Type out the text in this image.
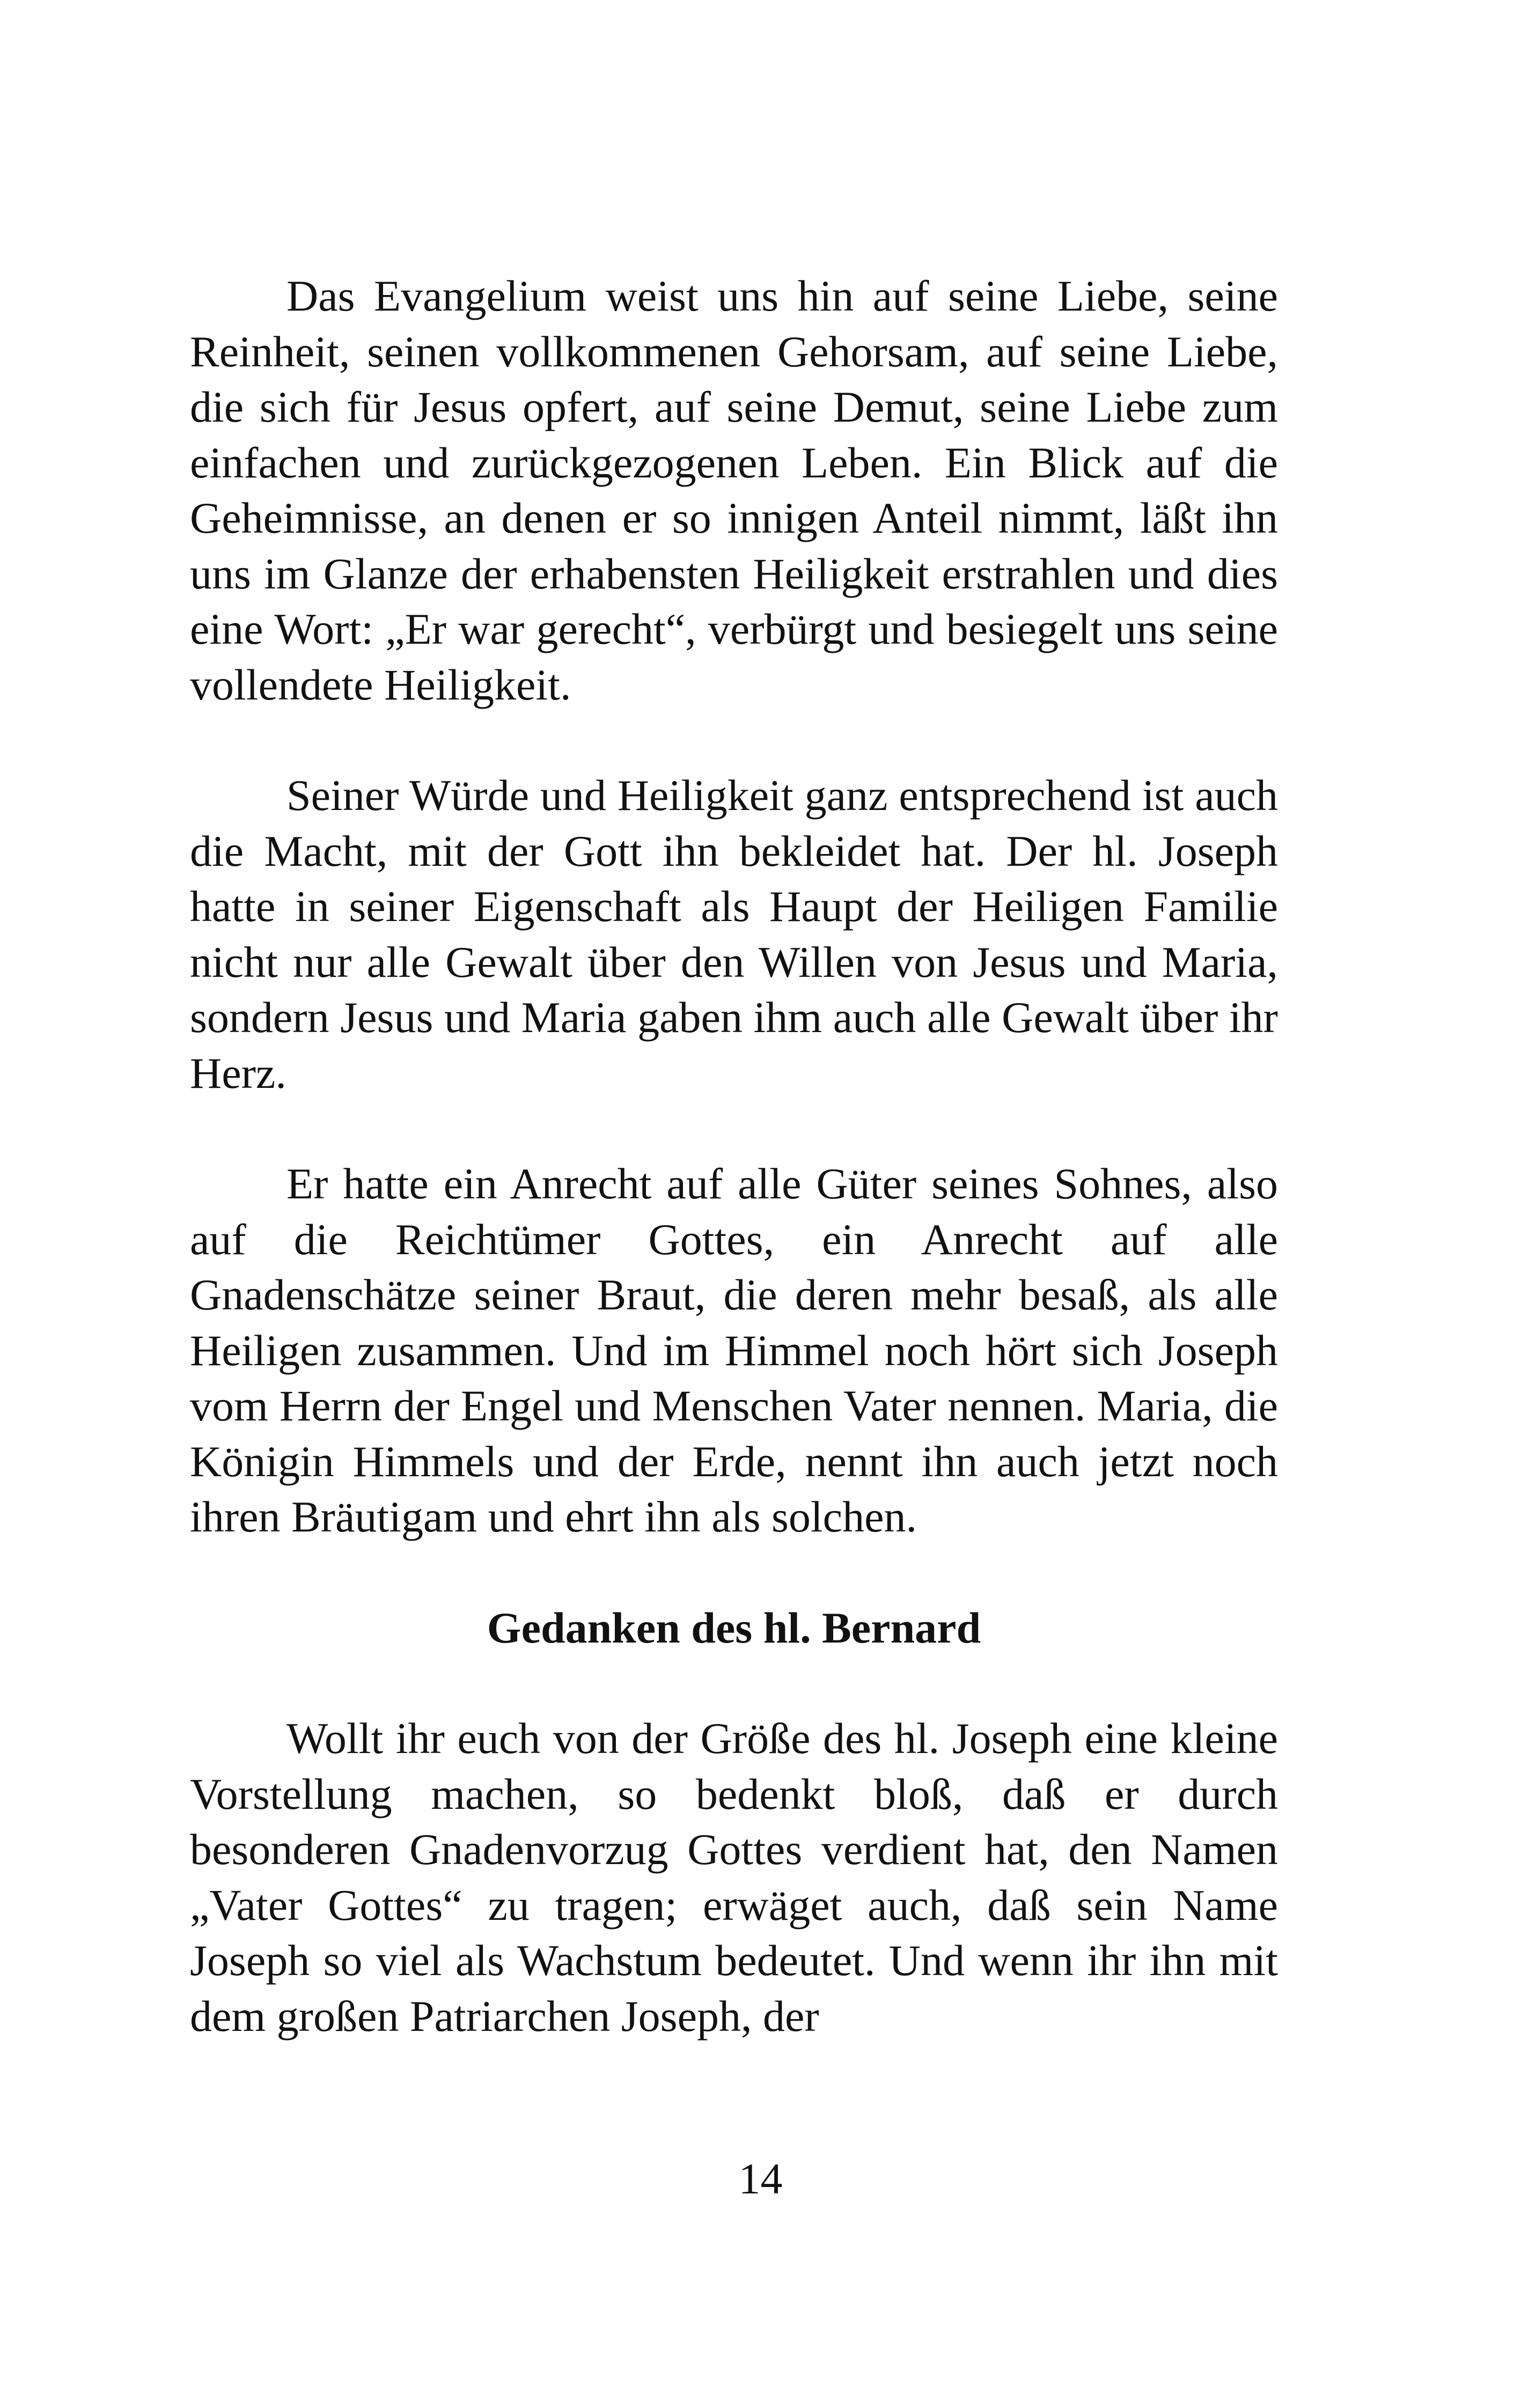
Das Evangelium weist uns hin auf seine Liebe, seine Reinheit, seinen vollkommenen Gehorsam, auf seine Liebe, die sich für Jesus opfert, auf seine Demut, seine Liebe zum einfachen und zurückgezogenen Leben. Ein Blick auf die Geheimnisse, an denen er so innigen Anteil nimmt, läßt ihn uns im Glanze der erhabensten Heiligkeit erstrahlen und dies eine Wort: „Er war gerecht“, verbürgt und besiegelt uns seine vollendete Heiligkeit.

Seiner Würde und Heiligkeit ganz entsprechend ist auch die Macht, mit der Gott ihn bekleidet hat. Der hl. Joseph hatte in seiner Eigenschaft als Haupt der Heiligen Familie nicht nur alle Gewalt über den Willen von Jesus und Maria, sondern Jesus und Maria gaben ihm auch alle Gewalt über ihr Herz.

Er hatte ein Anrecht auf alle Güter seines Sohnes, also auf die Reichtümer Gottes, ein Anrecht auf alle Gnadenschätze seiner Braut, die deren mehr besaß, als alle Heiligen zusammen. Und im Himmel noch hört sich Joseph vom Herrn der Engel und Menschen Vater nennen. Maria, die Königin Himmels und der Erde, nennt ihn auch jetzt noch ihren Bräutigam und ehrt ihn als solchen.

Gedanken des hl. Bernard

Wollt ihr euch von der Größe des hl. Joseph eine kleine Vorstellung machen, so bedenkt bloß, daß er durch besonderen Gnadenvorzug Gottes verdient hat, den Namen „Vater Gottes“ zu tragen; erwäget auch, daß sein Name Joseph so viel als Wachstum bedeutet. Und wenn ihr ihn mit dem großen Patriarchen Joseph, der

14
